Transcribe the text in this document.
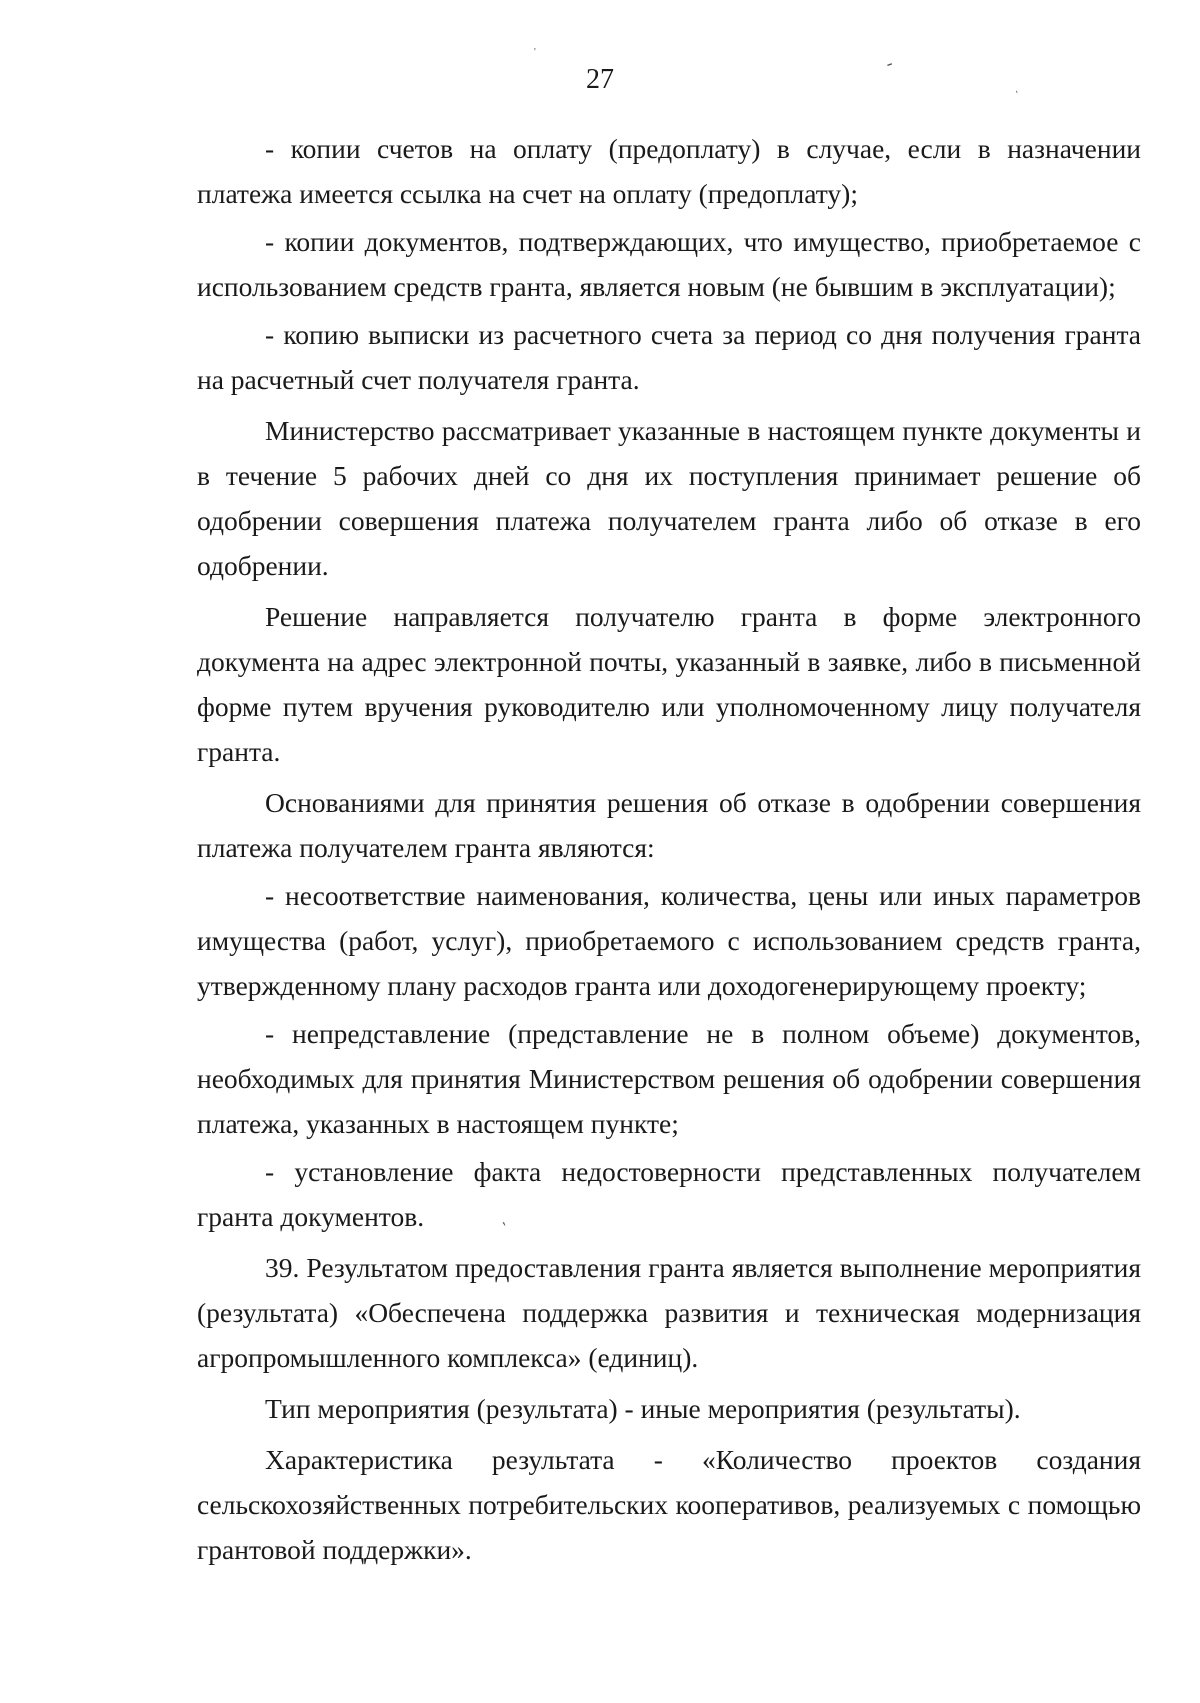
'
-
`
'
27

- копии счетов на оплату (предоплату) в случае, если в назначении платежа имеется ссылка на счет на оплату (предоплату);

- копии документов, подтверждающих, что имущество, приобретаемое с использованием средств гранта, является новым (не бывшим в эксплуатации);

- копию выписки из расчетного счета за период со дня получения гранта на расчетный счет получателя гранта.

Министерство рассматривает указанные в настоящем пункте документы и в течение 5 рабочих дней со дня их поступления принимает решение об одобрении совершения платежа получателем гранта либо об отказе в его одобрении.

Решение направляется получателю гранта в форме электронного документа на адрес электронной почты, указанный в заявке, либо в письменной форме путем вручения руководителю или уполномоченному лицу получателя гранта.

Основаниями для принятия решения об отказе в одобрении совершения платежа получателем гранта являются:

- несоответствие наименования, количества, цены или иных параметров имущества (работ, услуг), приобретаемого с использованием средств гранта, утвержденному плану расходов гранта или доходогенерирующему проекту;

- непредставление (представление не в полном объеме) документов, необходимых для принятия Министерством решения об одобрении совершения платежа, указанных в настоящем пункте;

- установление факта недостоверности представленных получателем гранта документов.

39. Результатом предоставления гранта является выполнение мероприятия (результата) «Обеспечена поддержка развития и техническая модернизация агропромышленного комплекса» (единиц).

Тип мероприятия (результата) - иные мероприятия (результаты).

Характеристика результата - «Количество проектов создания сельскохозяйственных потребительских кооперативов, реализуемых с помощью грантовой поддержки».
